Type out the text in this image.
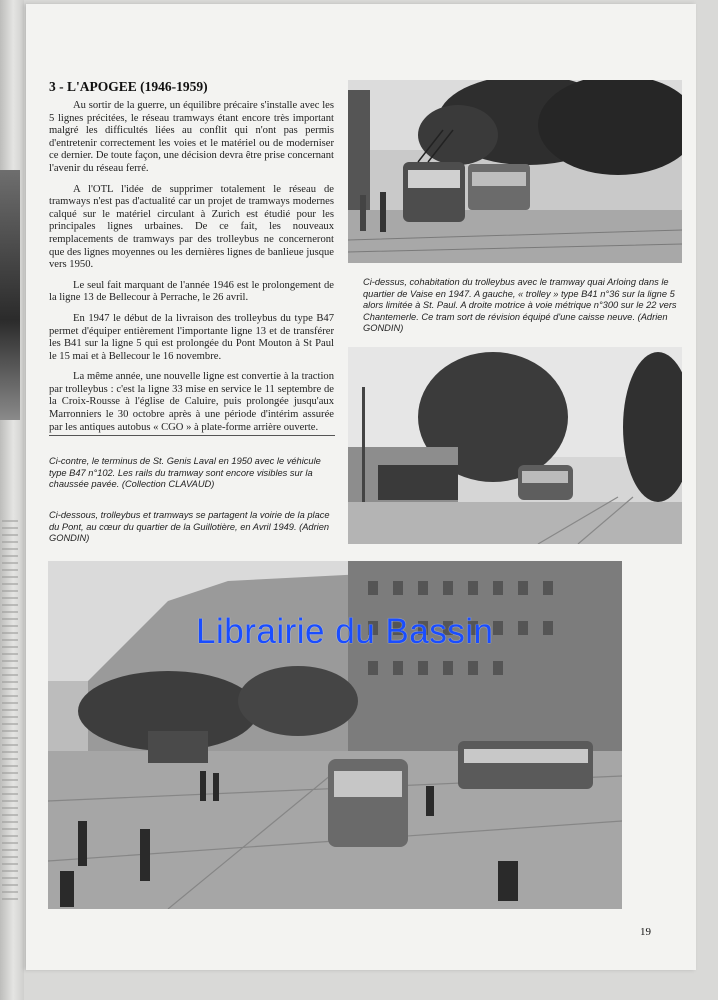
3 - L'APOGEE (1946-1959)

Au sortir de la guerre, un équilibre précaire s'installe avec les 5 lignes précitées, le réseau tramways étant encore très important malgré les difficultés liées au conflit qui n'ont pas permis d'entretenir correctement les voies et le matériel ou de moderniser ce dernier. De toute façon, une décision devra être prise concernant l'avenir du réseau ferré.

A l'OTL l'idée de supprimer totalement le réseau de tramways n'est pas d'actualité car un projet de tramways modernes calqué sur le matériel circulant à Zurich est étudié pour les principales lignes urbaines. De ce fait, les nouveaux remplacements de tramways par des trolleybus ne concerneront que des lignes moyennes ou les dernières lignes de banlieue jusque vers 1950.

Le seul fait marquant de l'année 1946 est le prolongement de la ligne 13 de Bellecour à Perrache, le 26 avril.

En 1947 le début de la livraison des trolleybus du type B47 permet d'équiper entièrement l'importante ligne 13 et de transférer les B41 sur la ligne 5 qui est prolongée du Pont Mouton à St Paul le 15 mai et à Bellecour le 16 novembre.

La même année, une nouvelle ligne est convertie à la traction par trolleybus : c'est la ligne 33 mise en service le 11 septembre de la Croix-Rousse à l'église de Caluire, puis prolongée jusqu'aux Marronniers le 30 octobre après à une période d'intérim assurée par les antiques autobus « CGO » à plate-forme arrière ouverte.

Ci-dessus, cohabitation du trolleybus avec le tramway quai Arloing dans le quartier de Vaise en 1947. A gauche, « trolley » type B41 n°36 sur la ligne 5 alors limitée à St. Paul. A droite motrice à voie métrique n°300 sur le 22 vers Chantemerle. Ce tram sort de révision équipé d'une caisse neuve. (Adrien GONDIN)
Ci-contre, le terminus de St. Genis Laval en 1950 avec le véhicule type B47 n°102. Les rails du tramway sont encore visibles sur la chaussée pavée. (Collection CLAVAUD)
Ci-dessous, trolleybus et tramways se partagent la voirie de la place du Pont, au cœur du quartier de la Guillotière, en Avril 1949. (Adrien GONDIN)
Librairie du Bassin
19
